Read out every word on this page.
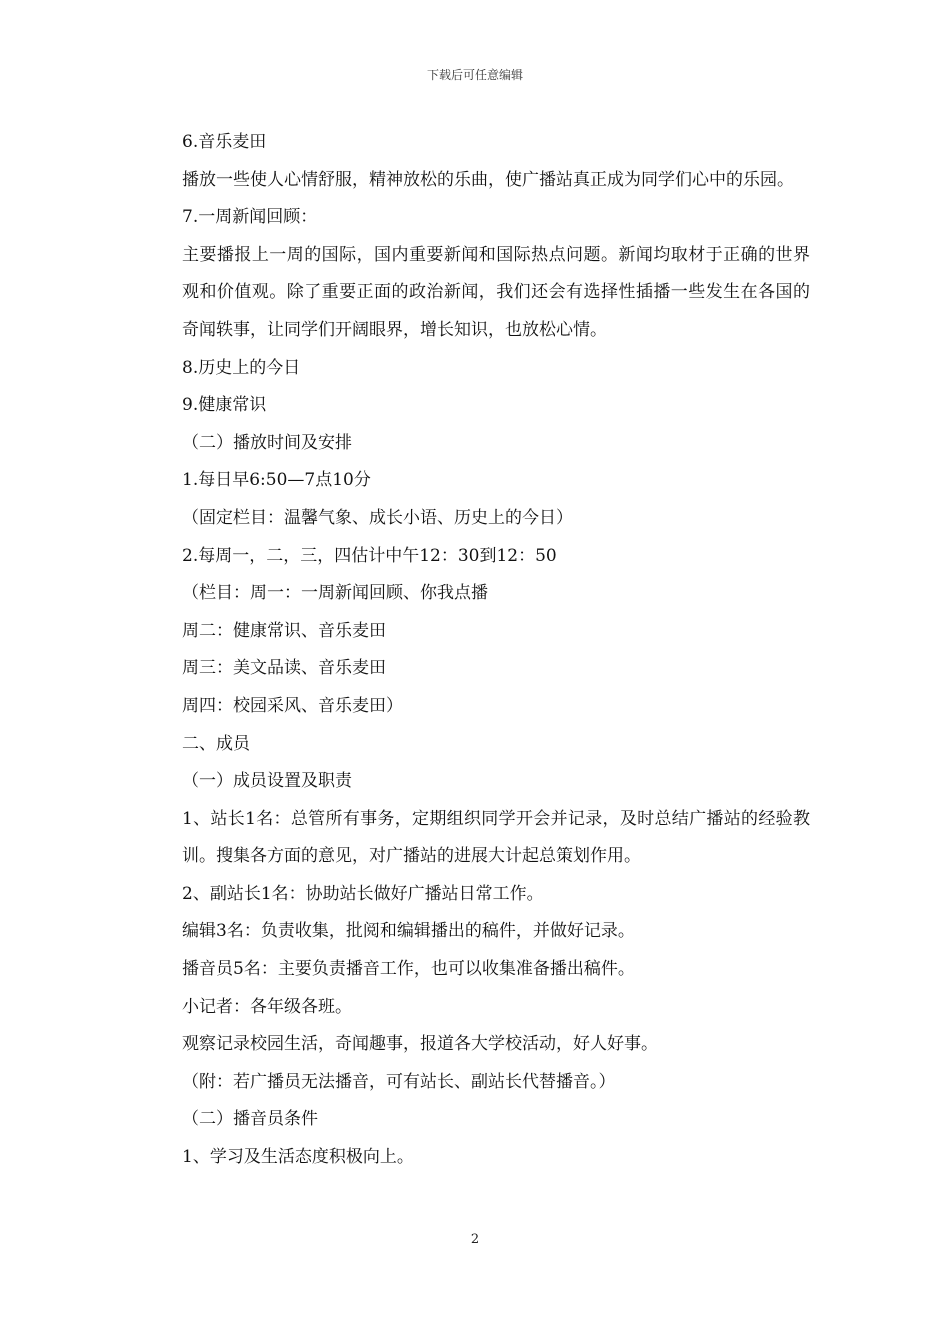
下载后可任意编辑

6.音乐麦田

播放一些使人心情舒服，精神放松的乐曲，使广播站真正成为同学们心中的乐园。

7.一周新闻回顾：

主要播报上一周的国际，国内重要新闻和国际热点问题。新闻均取材于正确的世界观和价值观。除了重要正面的政治新闻，我们还会有选择性插播一些发生在各国的奇闻轶事，让同学们开阔眼界，增长知识，也放松心情。

8.历史上的今日

9.健康常识

（二）播放时间及安排

1.每日早6:50—7点10分

（固定栏目：温馨气象、成长小语、历史上的今日）

2.每周一，二，三，四估计中午12：30到12：50

（栏目：周一：一周新闻回顾、你我点播

周二：健康常识、音乐麦田

周三：美文品读、音乐麦田

周四：校园采风、音乐麦田）

二、成员

（一）成员设置及职责

1、站长1名：总管所有事务，定期组织同学开会并记录，及时总结广播站的经验教训。搜集各方面的意见，对广播站的进展大计起总策划作用。

2、副站长1名：协助站长做好广播站日常工作。

编辑3名：负责收集，批阅和编辑播出的稿件，并做好记录。

播音员5名：主要负责播音工作，也可以收集准备播出稿件。

小记者：各年级各班。

观察记录校园生活，奇闻趣事，报道各大学校活动，好人好事。

（附：若广播员无法播音，可有站长、副站长代替播音。）

（二）播音员条件

1、学习及生活态度积极向上。

2
